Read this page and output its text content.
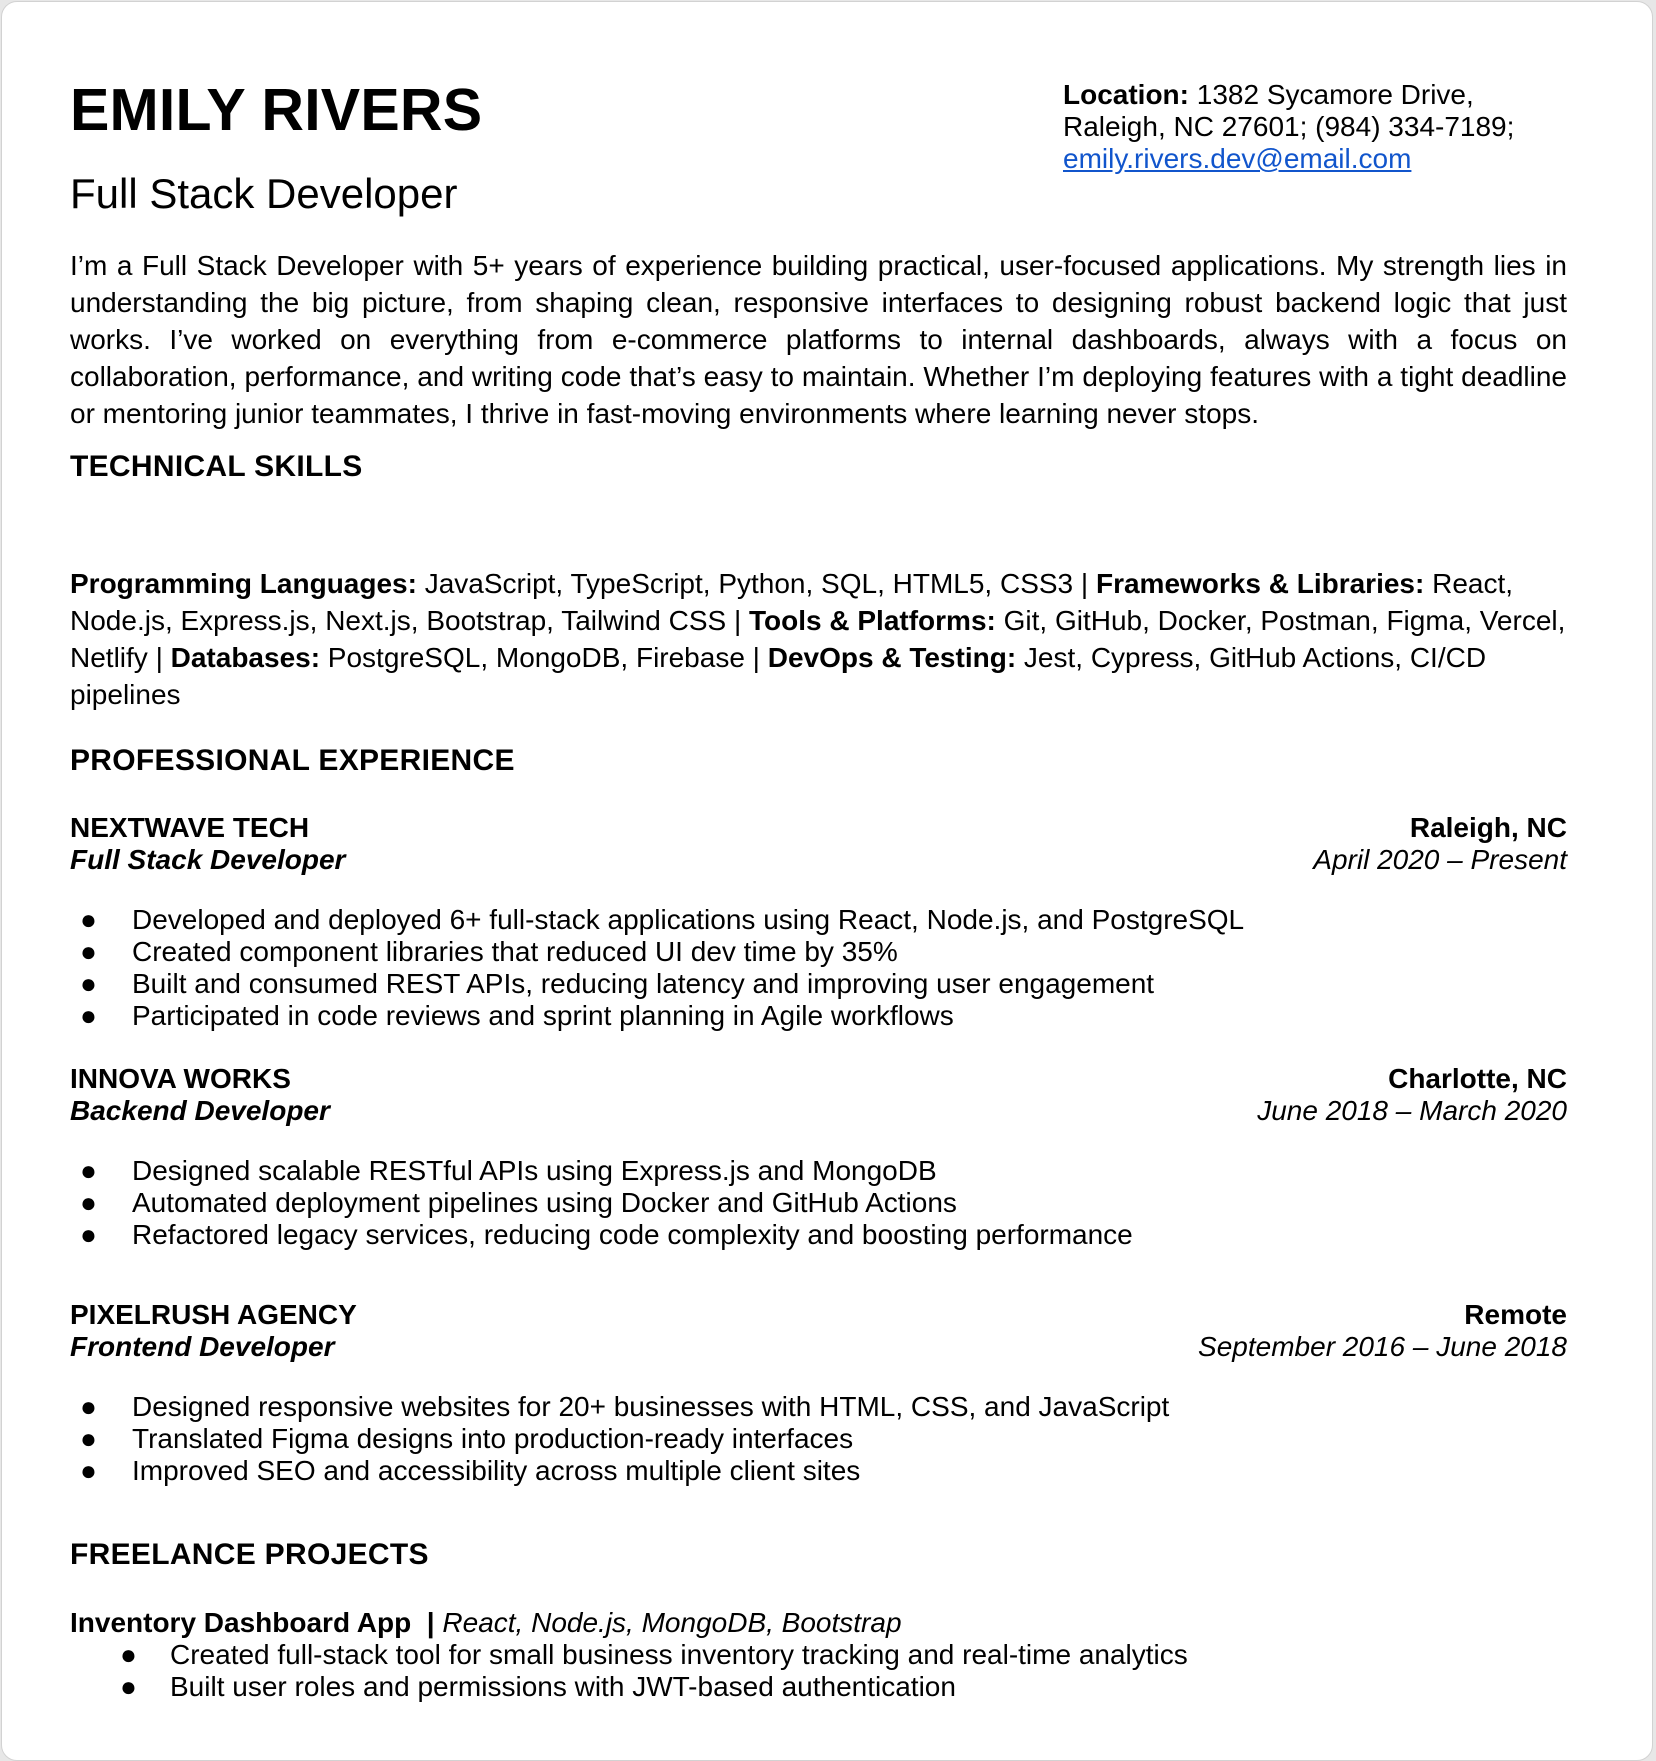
EMILY RIVERS
Full Stack Developer
Location: 1382 Sycamore Drive,
Raleigh, NC 27601; (984) 334-7189;
emily.rivers.dev@email.com

I’m a Full Stack Developer with 5+ years of experience building practical, user-focused applications. My strength lies in understanding the big picture, from shaping clean, responsive interfaces to designing robust backend logic that just works. I’ve worked on everything from e-commerce platforms to internal dashboards, always with a focus on collaboration, performance, and writing code that’s easy to maintain. Whether I’m deploying features with a tight deadline or mentoring junior teammates, I thrive in fast-moving environments where learning never stops.

TECHNICAL SKILLS

Programming Languages: JavaScript, TypeScript, Python, SQL, HTML5, CSS3 | Frameworks & Libraries: React, Node.js, Express.js, Next.js, Bootstrap, Tailwind CSS | Tools & Platforms: Git, GitHub, Docker, Postman, Figma, Vercel, Netlify | Databases: PostgreSQL, MongoDB, Firebase | DevOps & Testing: Jest, Cypress, GitHub Actions, CI/CD pipelines

PROFESSIONAL EXPERIENCE
NEXTWAVE TECH	Raleigh, NC
Full Stack Developer	April 2020 – Present
● Developed and deployed 6+ full-stack applications using React, Node.js, and PostgreSQL
● Created component libraries that reduced UI dev time by 35%
● Built and consumed REST APIs, reducing latency and improving user engagement
● Participated in code reviews and sprint planning in Agile workflows
INNOVA WORKS	Charlotte, NC
Backend Developer	June 2018 – March 2020
● Designed scalable RESTful APIs using Express.js and MongoDB
● Automated deployment pipelines using Docker and GitHub Actions
● Refactored legacy services, reducing code complexity and boosting performance
PIXELRUSH AGENCY	Remote
Frontend Developer	September 2016 – June 2018
● Designed responsive websites for 20+ businesses with HTML, CSS, and JavaScript
● Translated Figma designs into production-ready interfaces
● Improved SEO and accessibility across multiple client sites
FREELANCE PROJECTS
Inventory Dashboard App  | React, Node.js, MongoDB, Bootstrap
● Created full-stack tool for small business inventory tracking and real-time analytics
● Built user roles and permissions with JWT-based authentication
